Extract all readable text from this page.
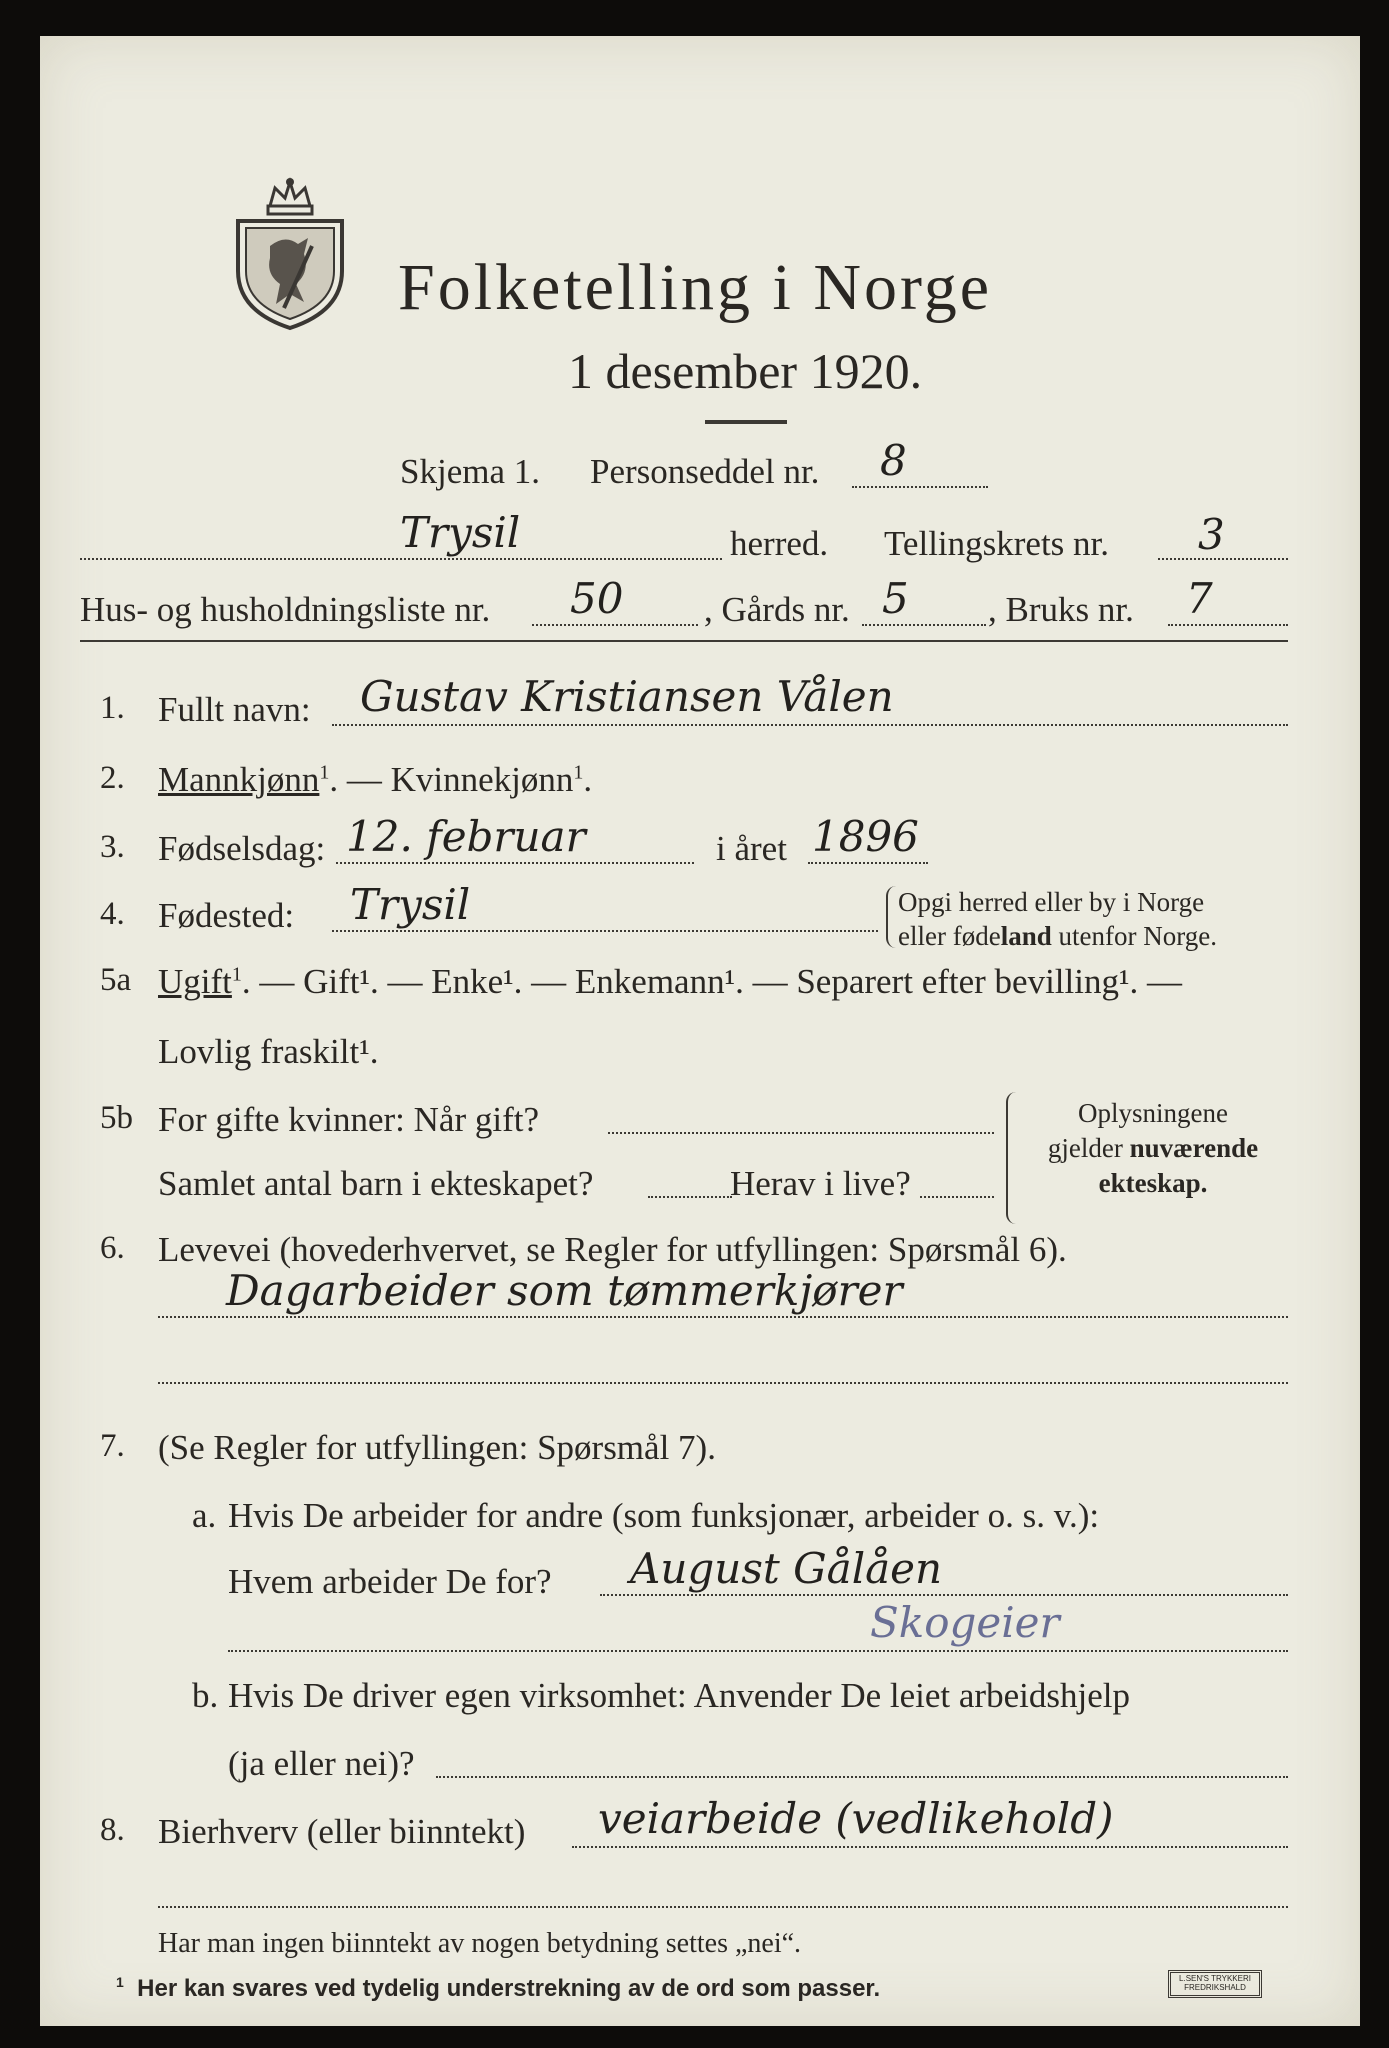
Folketelling i Norge
1 desember 1920.
Skjema 1. Personseddel nr. 8
Trysil	herred. Tellingskrets nr. 3
Hus- og husholdningsliste nr. 50 , Gårds nr. 5 , Bruks nr. 7
1. Fullt navn: Gustav Kristiansen Vålen
2. Mannkjønn$^1$. — Kvinnekjønn$^1$.
3. Fødselsdag: 12. februar	i året 1896
4. Fødested: Trysil	Opgi herred eller by i Norge
eller fødeland utenfor Norge.
5a Ugift$^1$. — Gift¹. — Enke¹. — Enkemann¹. — Separert efter bevilling¹. —
Lovlig fraskilt¹.
5b For gifte kvinner: Når gift?
Samlet antal barn i ekteskapet?	Herav i live?
Oplysningene
gjelder nuværende
ekteskap.
6. Levevei (hovederhvervet, se Regler for utfyllingen: Spørsmål 6).
Dagarbeider som tømmerkjører
7. (Se Regler for utfyllingen: Spørsmål 7).
a. Hvis De arbeider for andre (som funksjonær, arbeider o. s. v.):
Hvem arbeider De for? August Gålåen
Skogeier
b. Hvis De driver egen virksomhet: Anvender De leiet arbeidshjelp
(ja eller nei)?
8. Bierhverv (eller biinntekt) veiarbeide (vedlikehold)
Har man ingen biinntekt av nogen betydning settes „nei“.
$^1$ Her kan svares ved tydelig understrekning av de ord som passer.	L.SEN'S TRYKKERI
FREDRIKSHALD
